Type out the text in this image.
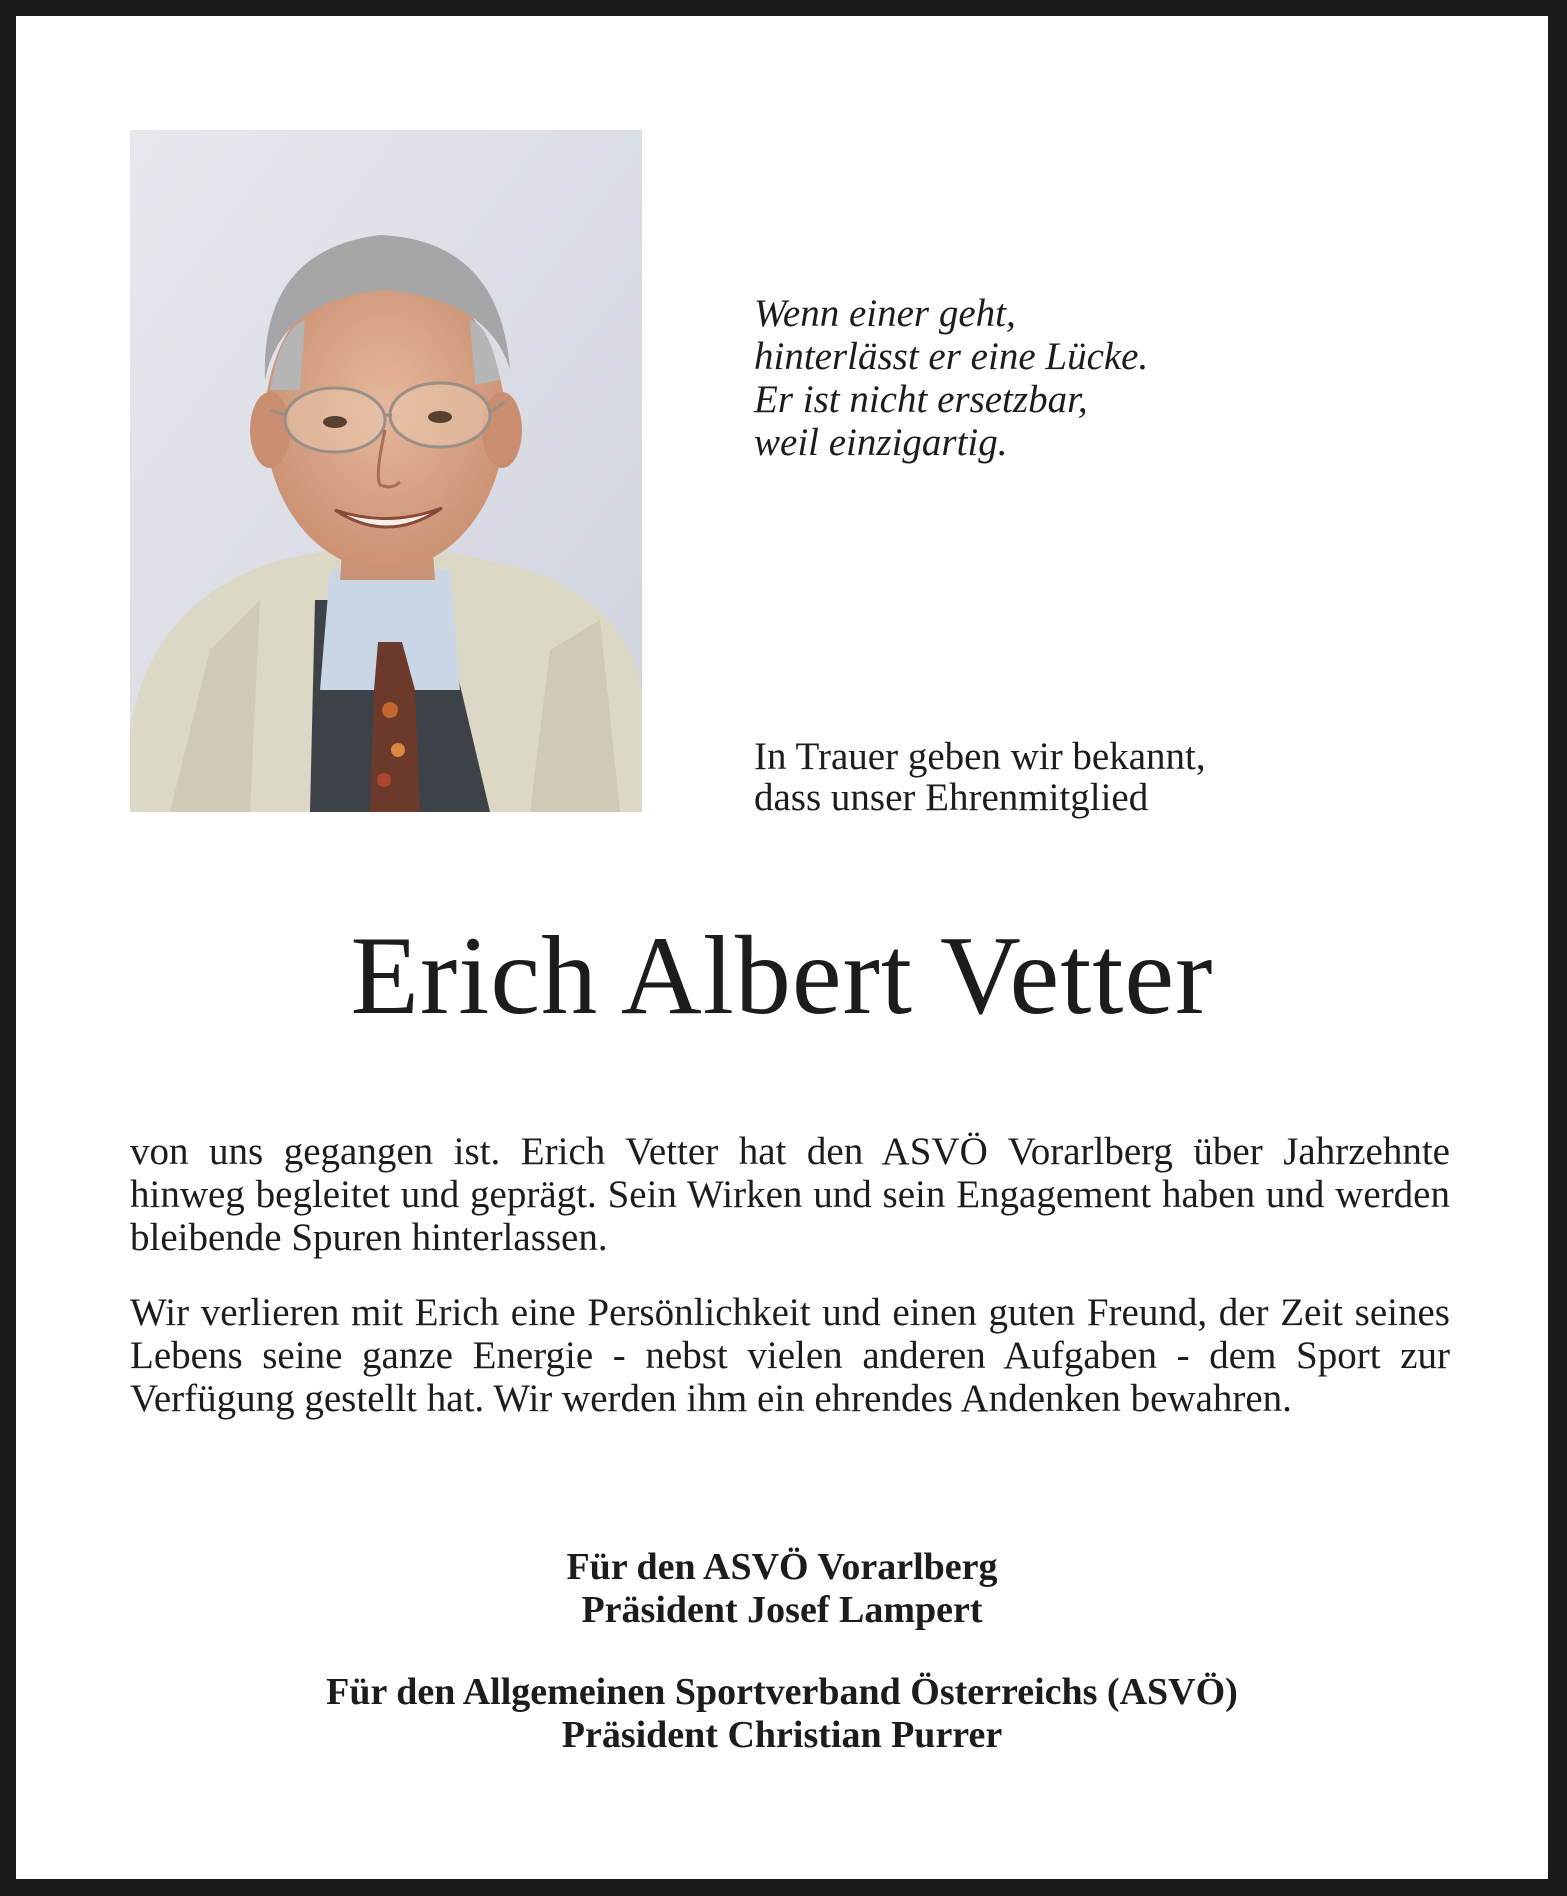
Wenn einer geht,
hinterlässt er eine Lücke.
Er ist nicht ersetzbar,
weil einzigartig.
In Trauer geben wir bekannt,
dass unser Ehrenmitglied
Erich Albert Vetter
von uns gegangen ist. Erich Vetter hat den ASVÖ Vorarlberg über Jahrzehnte hinweg begleitet und geprägt. Sein Wirken und sein Engagement haben und werden bleibende Spuren hinterlassen.
Wir verlieren mit Erich eine Persönlichkeit und einen guten Freund, der Zeit seines Lebens seine ganze Energie - nebst vielen anderen Aufgaben - dem Sport zur Verfügung gestellt hat. Wir werden ihm ein ehrendes Andenken bewahren.
Für den ASVÖ Vorarlberg
Präsident Josef Lampert
Für den Allgemeinen Sportverband Österreichs (ASVÖ)
Präsident Christian Purrer
